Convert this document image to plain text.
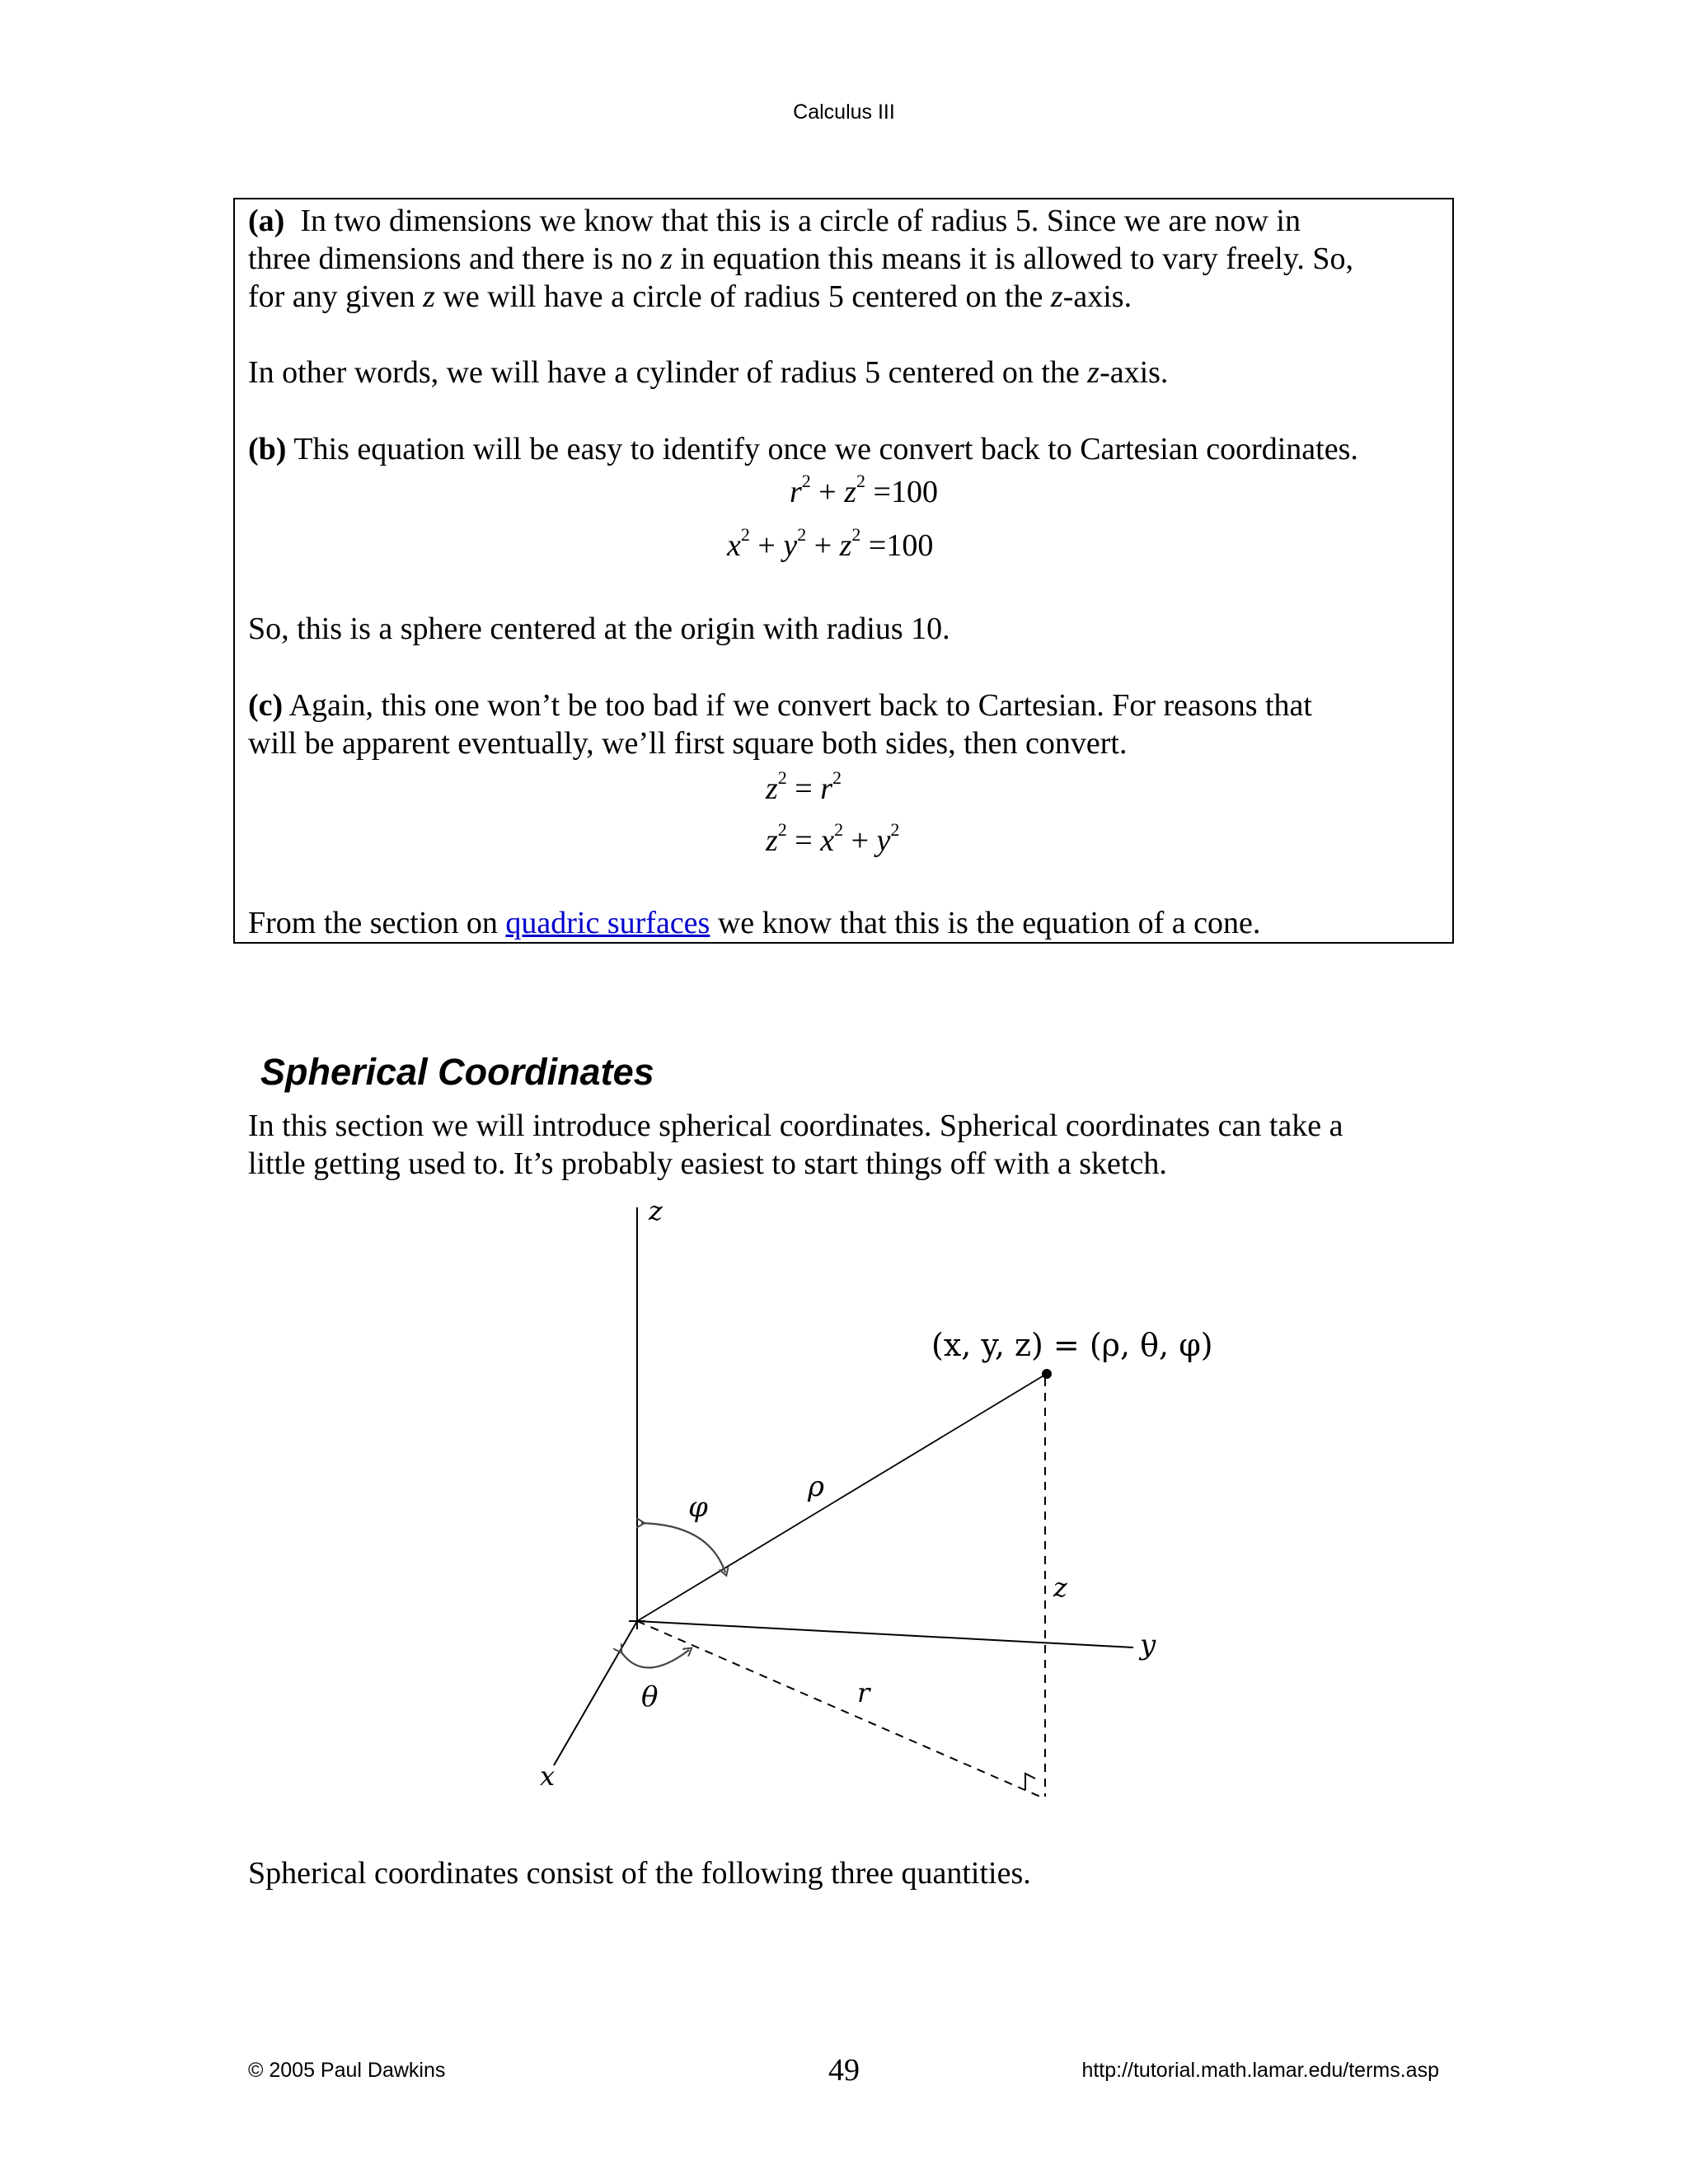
Calculus III
(a) In two dimensions we know that this is a circle of radius 5. Since we are now in
three dimensions and there is no z in equation this means it is allowed to vary freely. So,
for any given z we will have a circle of radius 5 centered on the z-axis.
In other words, we will have a cylinder of radius 5 centered on the z-axis.
(b) This equation will be easy to identify once we convert back to Cartesian coordinates.
$r^2 + z^2 =100$
$x^2 + y^2 + z^2 =100$
So, this is a sphere centered at the origin with radius 10.
(c) Again, this one won’t be too bad if we convert back to Cartesian. For reasons that
will be apparent eventually, we’ll first square both sides, then convert.
$z^2 = r^2$
$z^2 = x^2 + y^2$
From the section on quadric surfaces we know that this is the equation of a cone.
Spherical Coordinates
In this section we will introduce spherical coordinates. Spherical coordinates can take a
little getting used to. It’s probably easiest to start things off with a sketch.
z
y
x
(x, y, z) = (ρ, θ, φ)
ρ
φ
θ	r
z
Spherical coordinates consist of the following three quantities.
© 2005 Paul Dawkins	49	http://tutorial.math.lamar.edu/terms.asp
